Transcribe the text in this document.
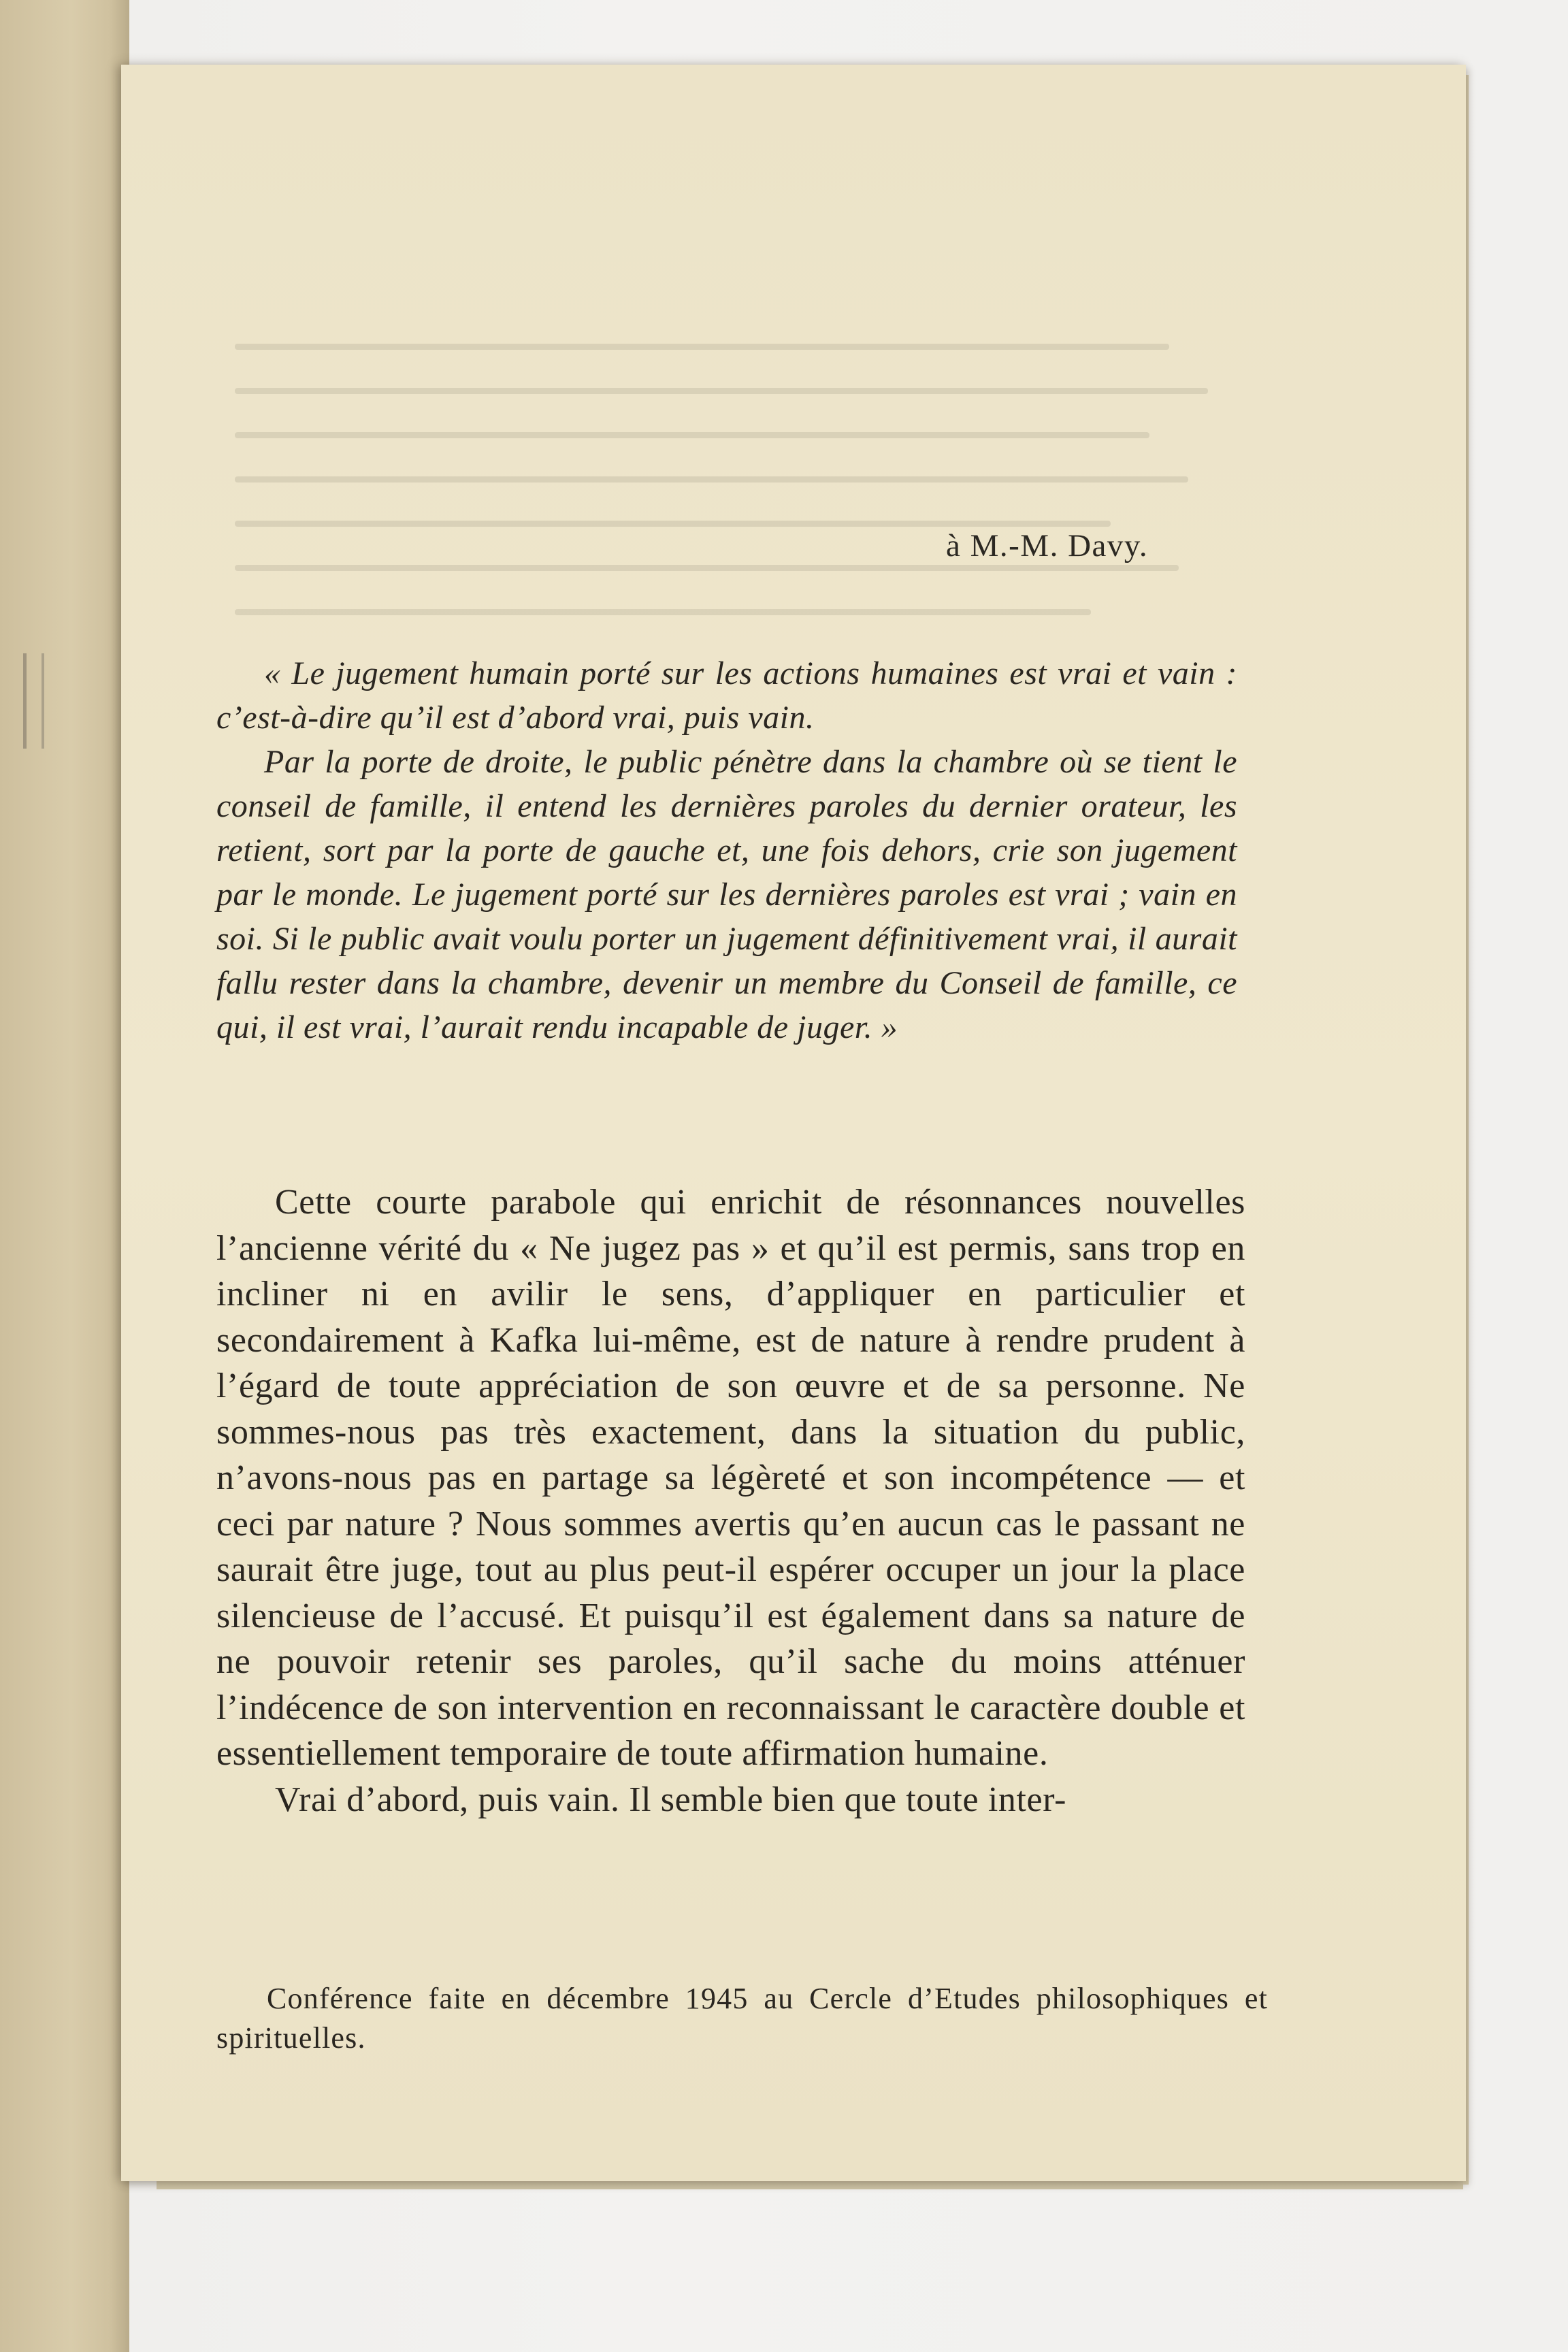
à M.-M. Davy.

« Le jugement humain porté sur les actions humaines est vrai et vain : c’est-à-dire qu’il est d’abord vrai, puis vain.

Par la porte de droite, le public pénètre dans la chambre où se tient le conseil de famille, il entend les dernières paroles du dernier orateur, les retient, sort par la porte de gauche et, une fois dehors, crie son jugement par le monde. Le jugement porté sur les dernières paroles est vrai ; vain en soi. Si le public avait voulu porter un jugement définitivement vrai, il aurait fallu rester dans la chambre, devenir un membre du Conseil de famille, ce qui, il est vrai, l’aurait rendu incapable de juger. »

Cette courte parabole qui enrichit de résonnances nouvelles l’ancienne vérité du « Ne jugez pas » et qu’il est permis, sans trop en incliner ni en avilir le sens, d’appliquer en particulier et secondairement à Kafka lui-même, est de nature à rendre prudent à l’égard de toute appréciation de son œuvre et de sa personne. Ne sommes-nous pas très exactement, dans la situation du public, n’avons-nous pas en partage sa légèreté et son incompétence — et ceci par nature ? Nous sommes avertis qu’en aucun cas le passant ne saurait être juge, tout au plus peut-il espérer occuper un jour la place silencieuse de l’accusé. Et puisqu’il est également dans sa nature de ne pouvoir retenir ses paroles, qu’il sache du moins atténuer l’indécence de son intervention en reconnaissant le caractère double et essentiellement temporaire de toute affirmation humaine.

Vrai d’abord, puis vain. Il semble bien que toute inter-

Conférence faite en décembre 1945 au Cercle d’Etudes philosophiques et spirituelles.
